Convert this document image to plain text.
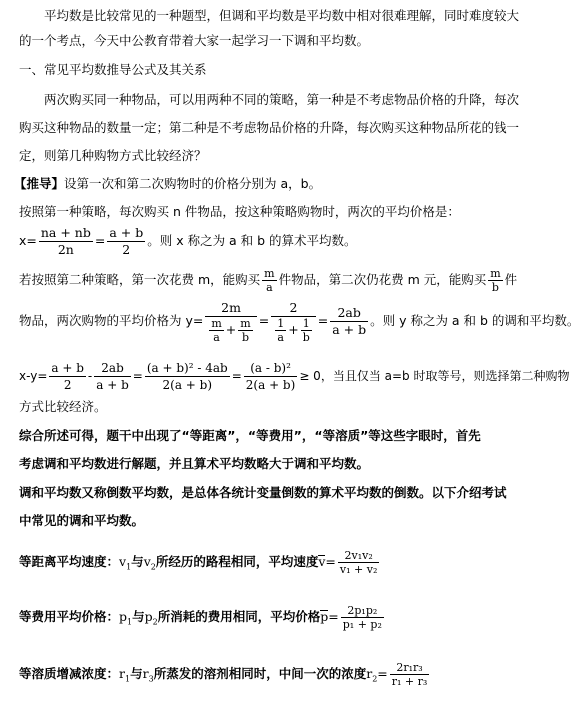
平均数是比较常见的一种题型，但调和平均数是平均数中相对很难理解，同时难度较大
的一个考点，今天中公教育带着大家一起学习一下调和平均数。
一、常见平均数推导公式及其关系
两次购买同一种物品，可以用两种不同的策略，第一种是不考虑物品价格的升降，每次
购买这种物品的数量一定；第二种是不考虑物品价格的升降，每次购买这种物品所花的钱一
定，则第几种购物方式比较经济？
【推导】设第一次和第二次购物时的价格分别为 a，b。
按照第一种策略，每次购买 n 件物品，按这种策略购物时，两次的平均价格是：
$x= \frac{na + nb}{2n} = \frac{a + b}{2}$ 。则 x 称之为 a 和 b 的算术平均数。
若按照第二种策略，第一次花费 m，能购买 $\frac{m}{a}$ 件物品，第二次仍花费 m 元，能购买 $\frac{m}{b}$ 件
物品，两次购物的平均价格为 $y= \frac{2m}{\frac{m}{a} + \frac{m}{b}} = \frac{2}{\frac{1}{a} + \frac{1}{b}} = \frac{2ab}{a + b}$ 。则 y 称之为 a 和 b 的调和平均数。
$x-y= \frac{a + b}{2} - \frac{2ab}{a + b} = \frac{\text{(a + b)² - 4ab}}{2(a + b)} = \frac{\text{(a - b)²}}{2(a + b)} \ge 0$，当且仅当 a=b 时取等号，则选择第二种购物
方式比较经济。
综合所述可得，题干中出现了“等距离”，“等费用”，“等溶质”等这些字眼时，首先
考虑调和平均数进行解题，并且算术平均数略大于调和平均数。
调和平均数又称倒数平均数，是总体各统计变量倒数的算术平均数的倒数。以下介绍考试
中常见的调和平均数。
等距离平均速度：$v_1$与$v_2$所经历的路程相同，平均速度$v= \frac{\text{2v₁v₂}}{\text{v₁ + v₂}}$
等费用平均价格：$p_1$与$p_2$所消耗的费用相同，平均价格$p= \frac{\text{2p₁p₂}}{\text{p₁ + p₂}}$
等溶质增减浓度：$r_1$与$r_3$所蒸发的溶剂相同时，中间一次的浓度$r_2= \frac{\text{2r₁r₃}}{\text{r₁ + r₃}}$
